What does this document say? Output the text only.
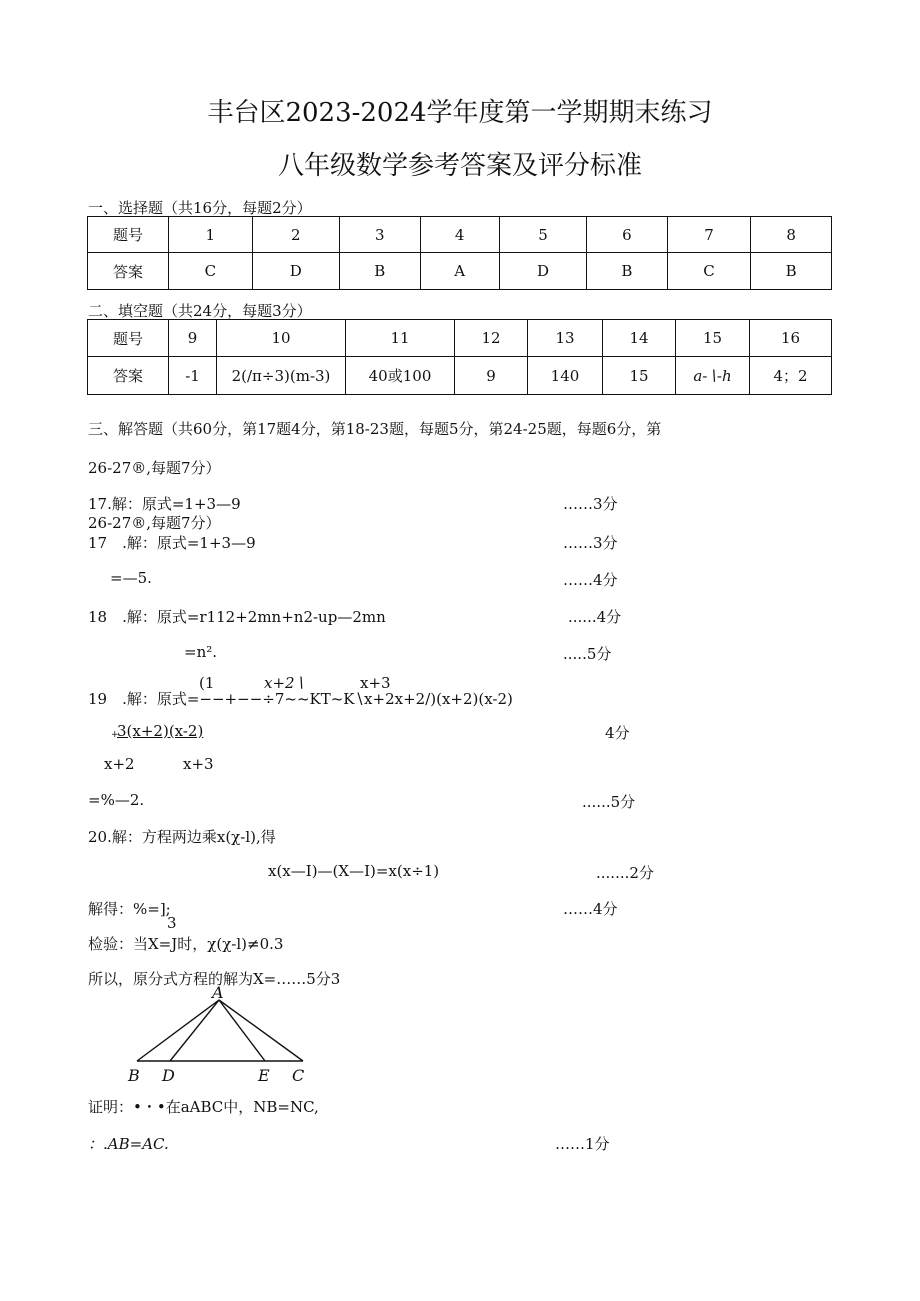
丰台区2023-2024学年度第一学期期末练习
八年级数学参考答案及评分标准
一、选择题（共16分，每题2分）
题号	1	2	3	4	5	6	7	8
答案	C	D	B	A	D	B	C	B
二、填空题（共24分，每题3分）
题号	9	10	11	12	13	14	15	16
答案	-1	2(/π÷3)(m-3)	40或100	9	140	15	a-∖-h	4；2
三、解答题（共60分，第17题4分，第18-23题，每题5分，第24-25题，每题6分，第
26-27®,每题7分）
17.解：原式=1+3—9	……3分
26-27®,每题7分）
17　.解：原式=1+3—9	……3分
=—5.	……4分
18　.解：原式=r112+2mn+n2-up—2mn	......4分
=n².	.....5分
(1	x+2∖	x+3
19　.解：原式=−−+−−÷7~~KT~K∖x+2x+2/)(x+2)(x-2)
+
3(x+2)(x-2)	4分
x+2	x+3
=%—2.	......5分
20.解：方程两边乘x(χ-l),得
x(x—I)—(X—I)=x(x÷1)	.......2分
解得：%=];	……4分
3
检验：当X=J时，χ(χ-l)≠0.3
所以，原分式方程的解为X=……5分3
A
B D	E C
证明：•・•在aABC中，NB=NC,
：.AB=AC.	……1分
